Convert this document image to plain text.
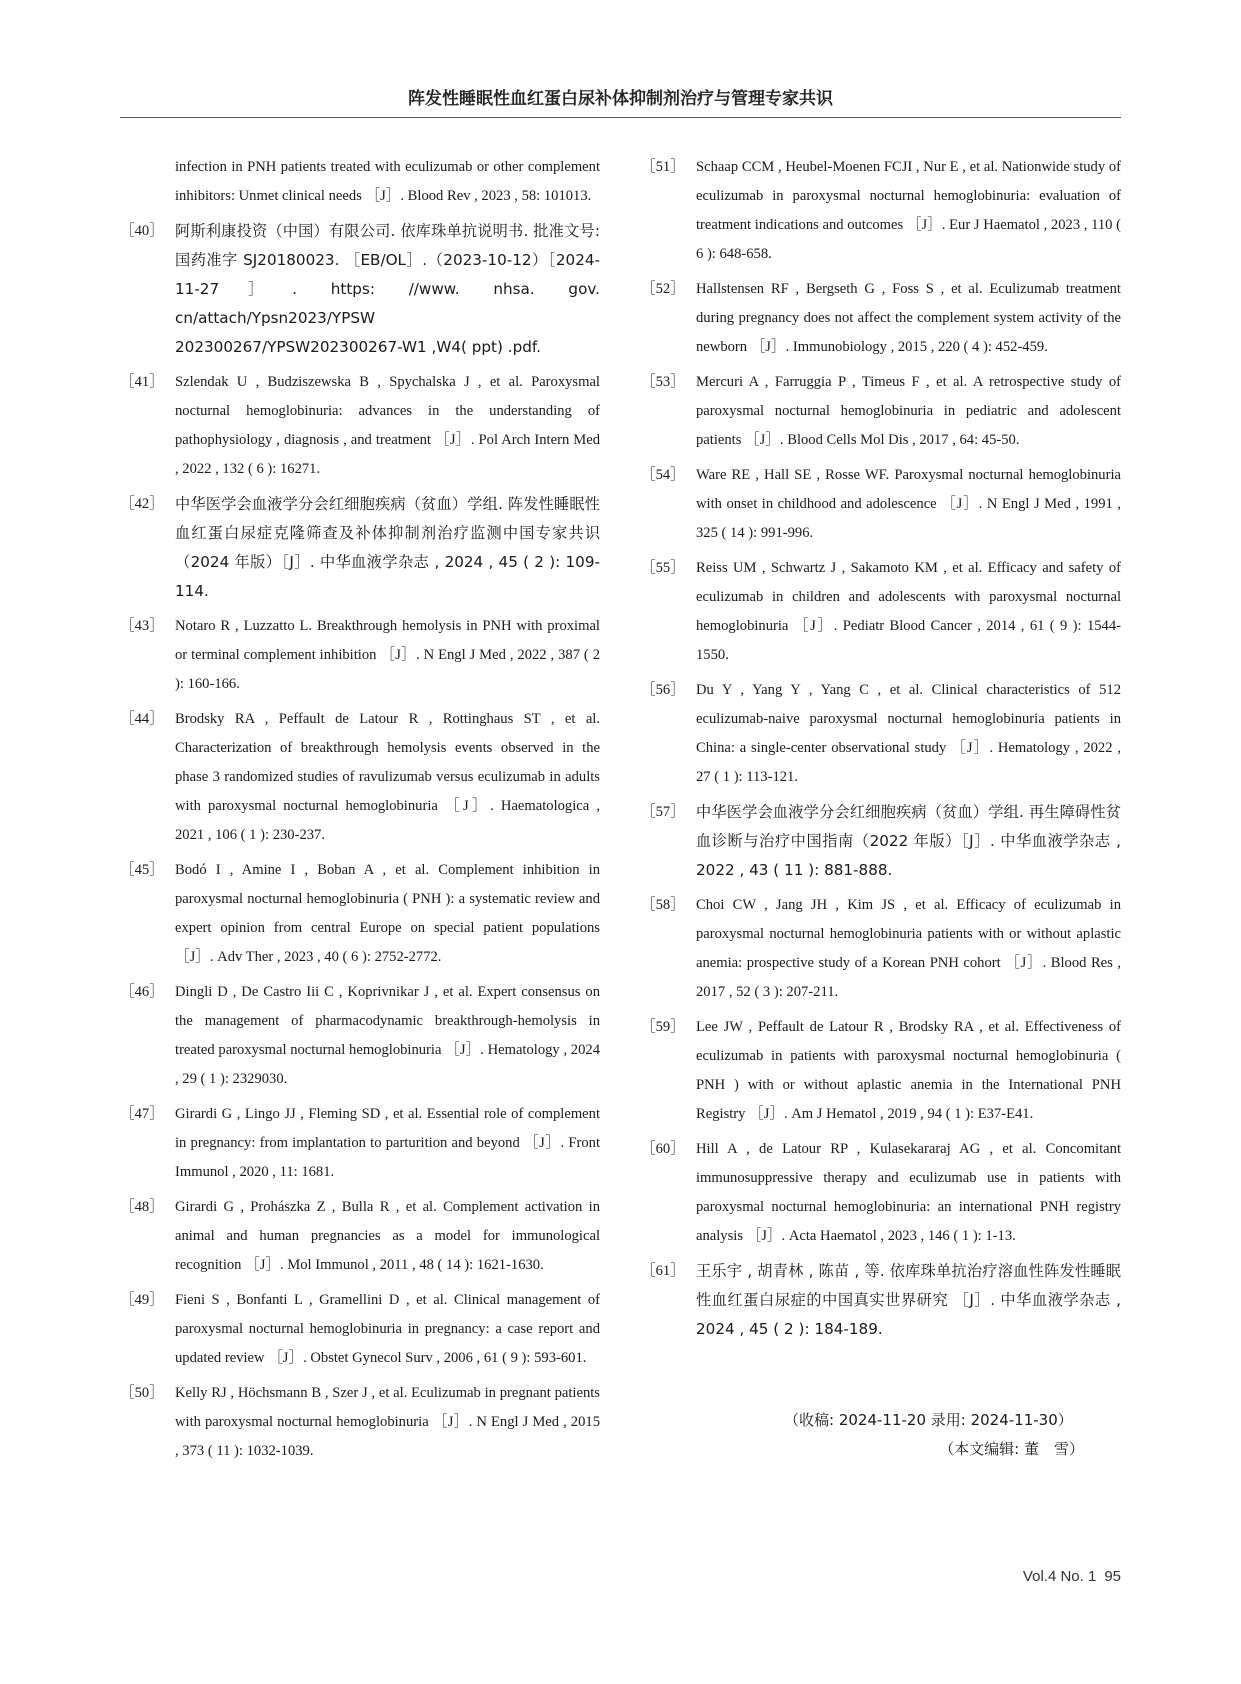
阵发性睡眠性血红蛋白尿补体抑制剂治疗与管理专家共识
infection in PNH patients treated with eculizumab or other complement inhibitors: Unmet clinical needs ［J］. Blood Rev , 2023 , 58: 101013.
［40］ 阿斯利康投资（中国）有限公司. 依库珠单抗说明书. 批准文号: 国药准字 SJ20180023. ［EB/OL］.（2023-10-12）［2024-11-27］. https: //www. nhsa. gov. cn/attach/Ypsn2023/YPSW 202300267/YPSW202300267-W1 ,W4( ppt) .pdf.
［41］ Szlendak U , Budziszewska B , Spychalska J , et al. Paroxysmal nocturnal hemoglobinuria: advances in the understanding of pathophysiology , diagnosis , and treatment ［J］. Pol Arch Intern Med , 2022 , 132 ( 6 ): 16271.
［42］ 中华医学会血液学分会红细胞疾病（贫血）学组. 阵发性睡眠性血红蛋白尿症克隆筛查及补体抑制剂治疗监测中国专家共识（2024 年版）［J］. 中华血液学杂志 , 2024 , 45 ( 2 ): 109-114.
［43］ Notaro R , Luzzatto L. Breakthrough hemolysis in PNH with proximal or terminal complement inhibition ［J］. N Engl J Med , 2022 , 387 ( 2 ): 160-166.
［44］ Brodsky RA , Peffault de Latour R , Rottinghaus ST , et al. Characterization of breakthrough hemolysis events observed in the phase 3 randomized studies of ravulizumab versus eculizumab in adults with paroxysmal nocturnal hemoglobinuria ［J］. Haematologica , 2021 , 106 ( 1 ): 230-237.
［45］ Bodó I , Amine I , Boban A , et al. Complement inhibition in paroxysmal nocturnal hemoglobinuria ( PNH ): a systematic review and expert opinion from central Europe on special patient populations ［J］. Adv Ther , 2023 , 40 ( 6 ): 2752-2772.
［46］ Dingli D , De Castro Iii C , Koprivnikar J , et al. Expert consensus on the management of pharmacodynamic breakthrough-hemolysis in treated paroxysmal nocturnal hemoglobinuria ［J］. Hematology , 2024 , 29 ( 1 ): 2329030.
［47］ Girardi G , Lingo JJ , Fleming SD , et al. Essential role of complement in pregnancy: from implantation to parturition and beyond ［J］. Front Immunol , 2020 , 11: 1681.
［48］ Girardi G , Prohászka Z , Bulla R , et al. Complement activation in animal and human pregnancies as a model for immunological recognition ［J］. Mol Immunol , 2011 , 48 ( 14 ): 1621-1630.
［49］ Fieni S , Bonfanti L , Gramellini D , et al. Clinical management of paroxysmal nocturnal hemoglobinuria in pregnancy: a case report and updated review ［J］. Obstet Gynecol Surv , 2006 , 61 ( 9 ): 593-601.
［50］ Kelly RJ , Höchsmann B , Szer J , et al. Eculizumab in pregnant patients with paroxysmal nocturnal hemoglobinuria ［J］. N Engl J Med , 2015 , 373 ( 11 ): 1032-1039.
［51］ Schaap CCM , Heubel-Moenen FCJI , Nur E , et al. Nationwide study of eculizumab in paroxysmal nocturnal hemoglobinuria: evaluation of treatment indications and outcomes ［J］. Eur J Haematol , 2023 , 110 ( 6 ): 648-658.
［52］ Hallstensen RF , Bergseth G , Foss S , et al. Eculizumab treatment during pregnancy does not affect the complement system activity of the newborn ［J］. Immunobiology , 2015 , 220 ( 4 ): 452-459.
［53］ Mercuri A , Farruggia P , Timeus F , et al. A retrospective study of paroxysmal nocturnal hemoglobinuria in pediatric and adolescent patients ［J］. Blood Cells Mol Dis , 2017 , 64: 45-50.
［54］ Ware RE , Hall SE , Rosse WF. Paroxysmal nocturnal hemoglobinuria with onset in childhood and adolescence ［J］. N Engl J Med , 1991 , 325 ( 14 ): 991-996.
［55］ Reiss UM , Schwartz J , Sakamoto KM , et al. Efficacy and safety of eculizumab in children and adolescents with paroxysmal nocturnal hemoglobinuria ［J］. Pediatr Blood Cancer , 2014 , 61 ( 9 ): 1544-1550.
［56］ Du Y , Yang Y , Yang C , et al. Clinical characteristics of 512 eculizumab-naive paroxysmal nocturnal hemoglobinuria patients in China: a single-center observational study ［J］. Hematology , 2022 , 27 ( 1 ): 113-121.
［57］ 中华医学会血液学分会红细胞疾病（贫血）学组. 再生障碍性贫血诊断与治疗中国指南（2022 年版）［J］. 中华血液学杂志 , 2022 , 43 ( 11 ): 881-888.
［58］ Choi CW , Jang JH , Kim JS , et al. Efficacy of eculizumab in paroxysmal nocturnal hemoglobinuria patients with or without aplastic anemia: prospective study of a Korean PNH cohort ［J］. Blood Res , 2017 , 52 ( 3 ): 207-211.
［59］ Lee JW , Peffault de Latour R , Brodsky RA , et al. Effectiveness of eculizumab in patients with paroxysmal nocturnal hemoglobinuria ( PNH ) with or without aplastic anemia in the International PNH Registry ［J］. Am J Hematol , 2019 , 94 ( 1 ): E37-E41.
［60］ Hill A , de Latour RP , Kulasekararaj AG , et al. Concomitant immunosuppressive therapy and eculizumab use in patients with paroxysmal nocturnal hemoglobinuria: an international PNH registry analysis ［J］. Acta Haematol , 2023 , 146 ( 1 ): 1-13.
［61］ 王乐宇 , 胡青林 , 陈苗 , 等. 依库珠单抗治疗溶血性阵发性睡眠性血红蛋白尿症的中国真实世界研究 ［J］. 中华血液学杂志 , 2024 , 45 ( 2 ): 184-189.
（收稿: 2024-11-20 录用: 2024-11-30）
（本文编辑: 董　雪）
Vol.4 No. 1 95
